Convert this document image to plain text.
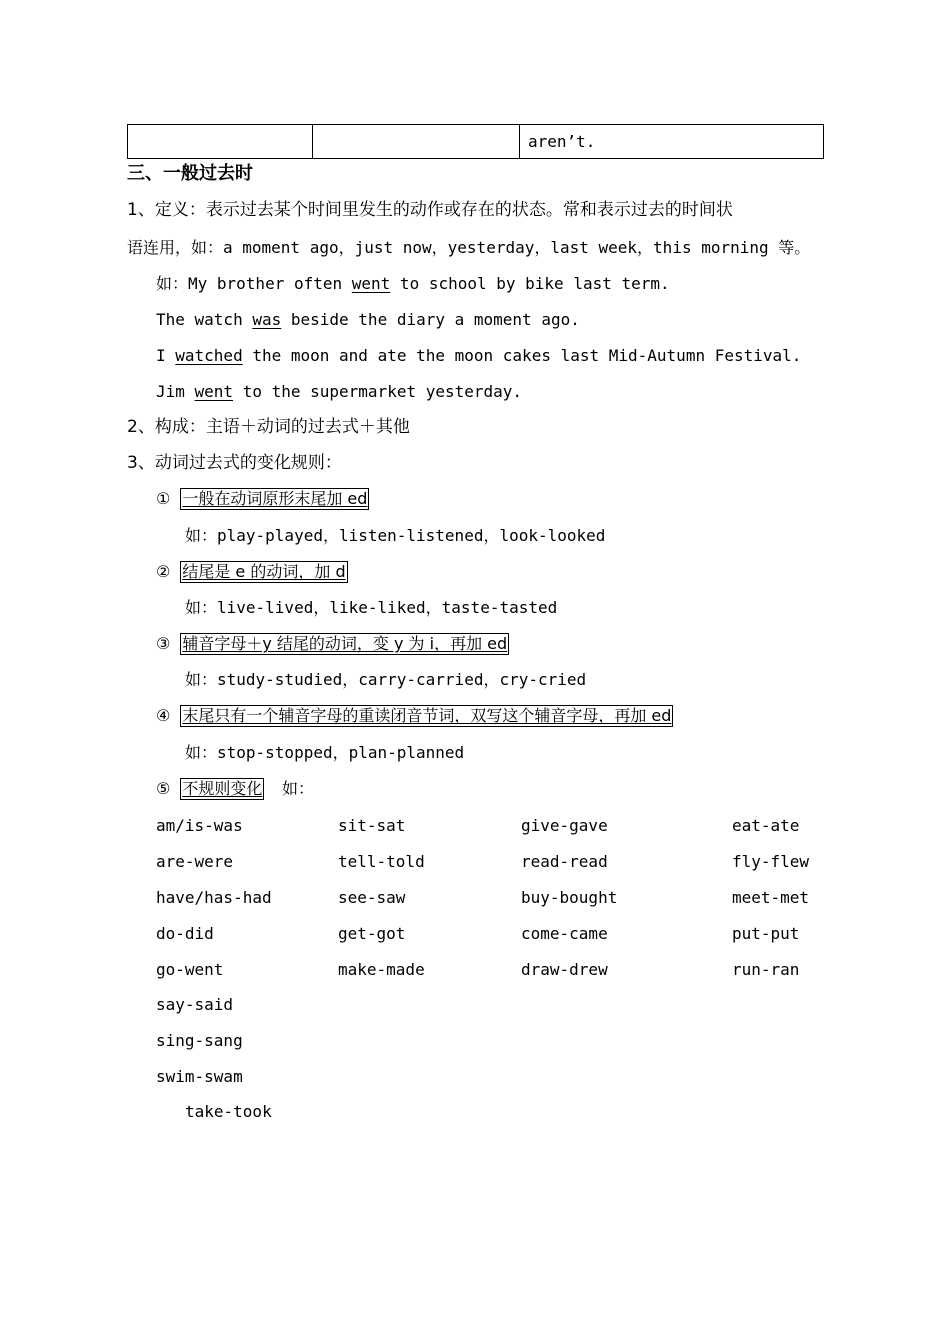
		aren’t.
三、一般过去时
1、定义：表示过去某个时间里发生的动作或存在的状态。常和表示过去的时间状
语连用，如：a moment ago，just now，yesterday，last week，this morning 等。
如：My brother often went to school by bike last term.
The watch was beside the diary a moment ago.
I watched the moon and ate the moon cakes last Mid-Autumn Festival.
Jim went to the supermarket yesterday.
2、构成：主语＋动词的过去式＋其他
3、动词过去式的变化规则：
① 一般在动词原形末尾加 ed
如：play-played，listen-listened，look-looked
② 结尾是 e 的动词，加 d
如：live-lived，like-liked，taste-tasted
③ 辅音字母＋y 结尾的动词，变 y 为 i，再加 ed
如：study-studied，carry-carried，cry-cried
④ 末尾只有一个辅音字母的重读闭音节词，双写这个辅音字母，再加 ed
如：stop-stopped，plan-planned
⑤ 不规则变化 如：
am/is-was	sit-sat	give-gave	eat-ate
are-were	tell-told	read-read	fly-flew
have/has-had	see-saw	buy-bought	meet-met
do-did	get-got	come-came	put-put
go-went	make-made	draw-drew	run-ran
say-said
sing-sang
swim-swam
take-took
